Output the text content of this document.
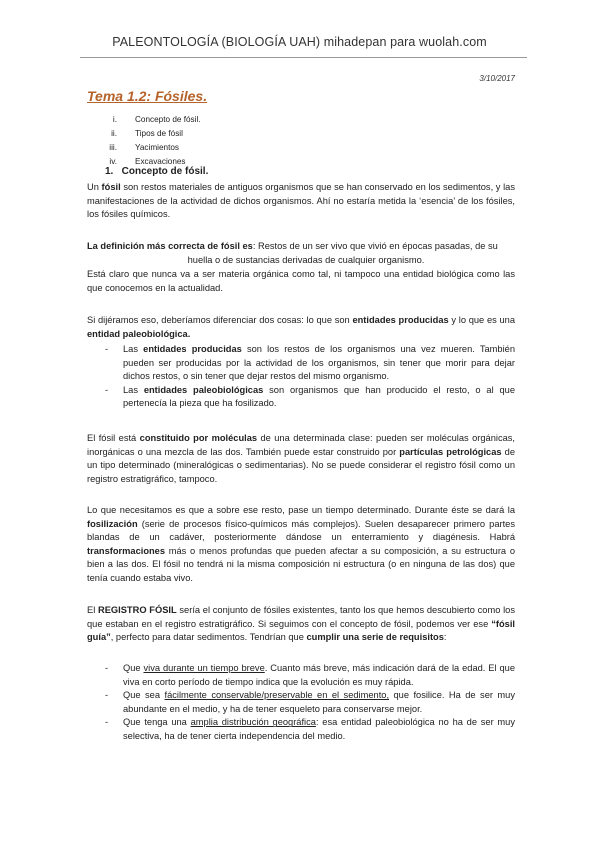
PALEONTOLOGÍA (BIOLOGÍA UAH) mihadepan para wuolah.com
3/10/2017
Tema 1.2: Fósiles.
i. Concepto de fósil.
ii. Tipos de fósil
iii. Yacimientos
iv. Excavaciones
1.   Concepto de fósil.

Un fósil son restos materiales de antiguos organismos que se han conservado en los sedimentos, y las manifestaciones de la actividad de dichos organismos. Ahí no estaría metida la ‘esencia’ de los fósiles, los fósiles químicos.

La definición más correcta de fósil es: Restos de un ser vivo que vivió en épocas pasadas, de su

huella o de sustancias derivadas de cualquier organismo.

Está claro que nunca va a ser materia orgánica como tal, ni tampoco una entidad biológica como las que conocemos en la actualidad.

Si dijéramos eso, deberíamos diferenciar dos cosas: lo que son entidades producidas y lo que es una entidad paleobiológica.

- Las entidades producidas son los restos de los organismos una vez mueren. También pueden ser producidas por la actividad de los organismos, sin tener que morir para dejar dichos restos, o sin tener que dejar restos del mismo organismo.
- Las entidades paleobiológicas son organismos que han producido el resto, o al que pertenecía la pieza que ha fosilizado.

El fósil está constituido por moléculas de una determinada clase: pueden ser moléculas orgánicas, inorgánicas o una mezcla de las dos. También puede estar construido por partículas petrológicas de un tipo determinado (mineralógicas o sedimentarias). No se puede considerar el registro fósil como un registro estratigráfico, tampoco.

Lo que necesitamos es que a sobre ese resto, pase un tiempo determinado. Durante éste se dará la fosilización (serie de procesos físico-químicos más complejos). Suelen desaparecer primero partes blandas de un cadáver, posteriormente dándose un enterramiento y diagénesis. Habrá transformaciones más o menos profundas que pueden afectar a su composición, a su estructura o bien a las dos. El fósil no tendrá ni la misma composición ni estructura (o en ninguna de las dos) que tenía cuando estaba vivo.

El REGISTRO FÓSIL sería el conjunto de fósiles existentes, tanto los que hemos descubierto como los que estaban en el registro estratigráfico. Si seguimos con el concepto de fósil, podemos ver ese “fósil guía”, perfecto para datar sedimentos. Tendrían que cumplir una serie de requisitos:

- Que viva durante un tiempo breve. Cuanto más breve, más indicación dará de la edad. El que viva en corto período de tiempo indica que la evolución es muy rápida.
- Que sea fácilmente conservable/preservable en el sedimento, que fosilice. Ha de ser muy abundante en el medio, y ha de tener esqueleto para conservarse mejor.
- Que tenga una amplia distribución geográfica: esa entidad paleobiológica no ha de ser muy selectiva, ha de tener cierta independencia del medio.
